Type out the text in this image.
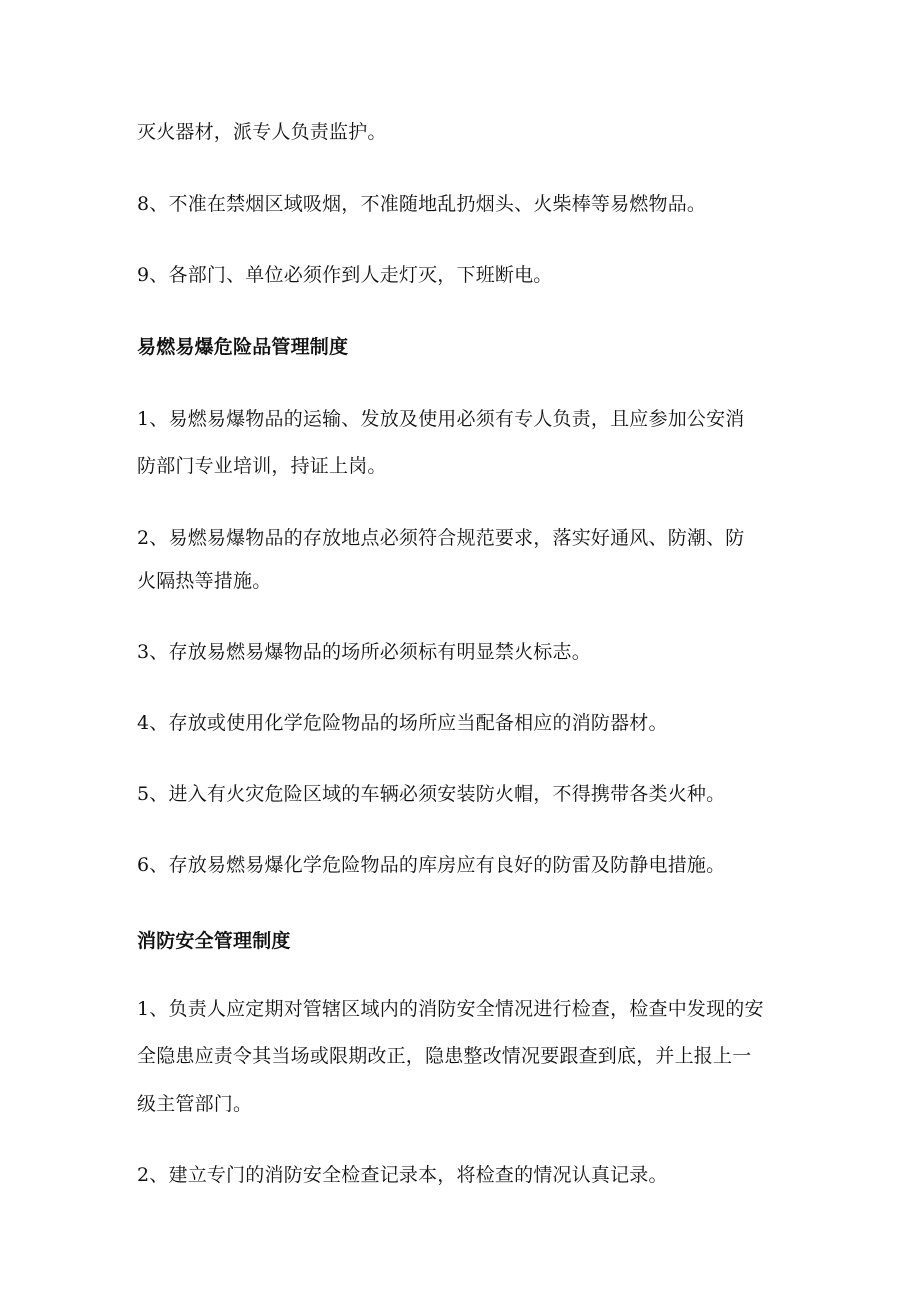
灭火器材，派专人负责监护。
8、不准在禁烟区域吸烟，不准随地乱扔烟头、火柴棒等易燃物品。
9、各部门、单位必须作到人走灯灭，下班断电。
易燃易爆危险品管理制度
1、易燃易爆物品的运输、发放及使用必须有专人负责，且应参加公安消
防部门专业培训，持证上岗。
2、易燃易爆物品的存放地点必须符合规范要求，落实好通风、防潮、防
火隔热等措施。
3、存放易燃易爆物品的场所必须标有明显禁火标志。
4、存放或使用化学危险物品的场所应当配备相应的消防器材。
5、进入有火灾危险区域的车辆必须安装防火帽，不得携带各类火种。
6、存放易燃易爆化学危险物品的库房应有良好的防雷及防静电措施。
消防安全管理制度
1、负责人应定期对管辖区域内的消防安全情况进行检查，检查中发现的安
全隐患应责令其当场或限期改正，隐患整改情况要跟查到底，并上报上一
级主管部门。
2、建立专门的消防安全检查记录本，将检查的情况认真记录。
